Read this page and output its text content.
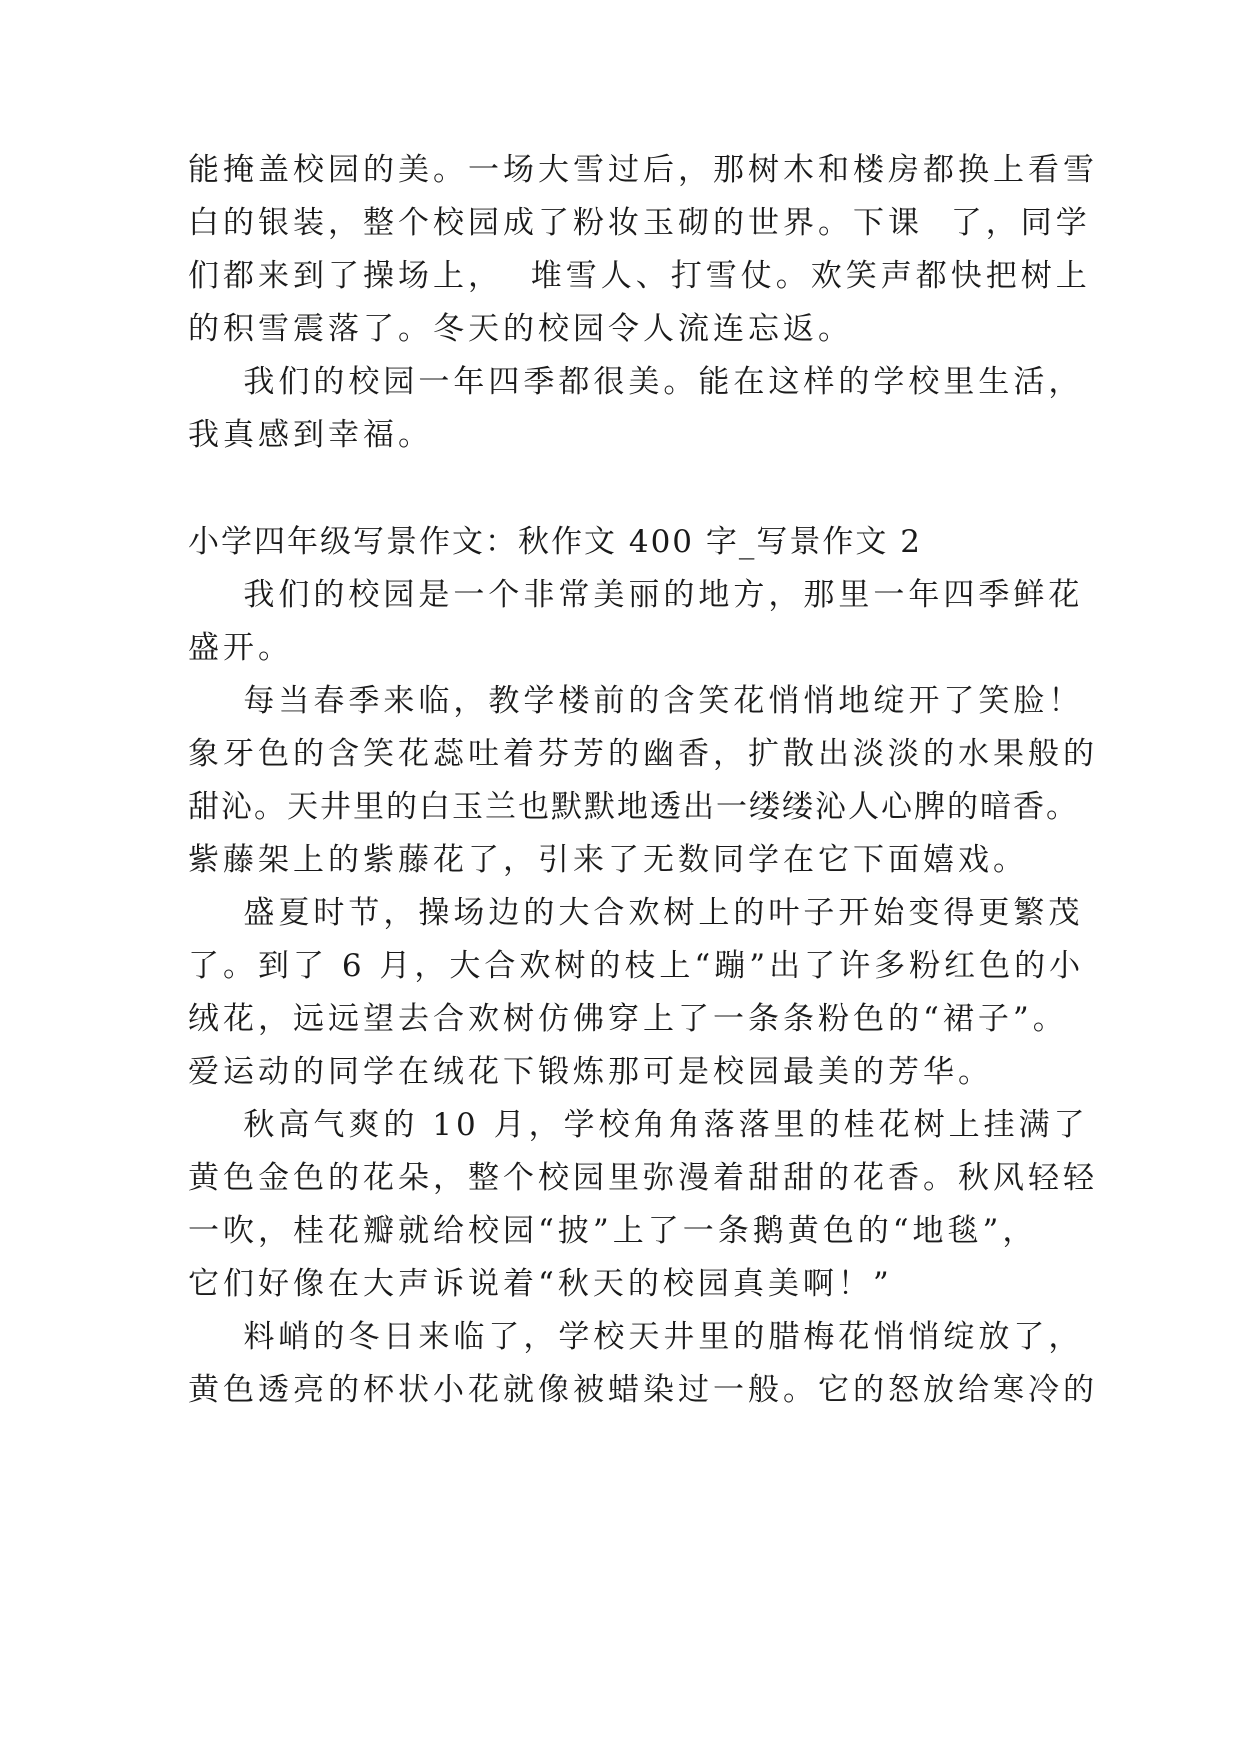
能掩盖校园的美。一场大雪过后，那树木和楼房都换上看雪
白的银装，整个校园成了粉妆玉砌的世界。下课  了，同学
们都来到了操场上，  堆雪人、打雪仗。欢笑声都快把树上
的积雪震落了。冬天的校园令人流连忘返。
我们的校园一年四季都很美。能在这样的学校里生活，
我真感到幸福。
小学四年级写景作文：秋作文 400 字_写景作文 2
我们的校园是一个非常美丽的地方，那里一年四季鲜花
盛开。
每当春季来临，教学楼前的含笑花悄悄地绽开了笑脸！
象牙色的含笑花蕊吐着芬芳的幽香，扩散出淡淡的水果般的
甜沁。天井里的白玉兰也默默地透出一缕缕沁人心脾的暗香。
紫藤架上的紫藤花了，引来了无数同学在它下面嬉戏。
盛夏时节，操场边的大合欢树上的叶子开始变得更繁茂
了。到了 6 月，大合欢树的枝上“蹦”出了许多粉红色的小
绒花，远远望去合欢树仿佛穿上了一条条粉色的“裙子”。
爱运动的同学在绒花下锻炼那可是校园最美的芳华。
秋高气爽的 10 月，学校角角落落里的桂花树上挂满了
黄色金色的花朵，整个校园里弥漫着甜甜的花香。秋风轻轻
一吹，桂花瓣就给校园“披”上了一条鹅黄色的“地毯”，
它们好像在大声诉说着“秋天的校园真美啊！”
料峭的冬日来临了，学校天井里的腊梅花悄悄绽放了，
黄色透亮的杯状小花就像被蜡染过一般。它的怒放给寒冷的
